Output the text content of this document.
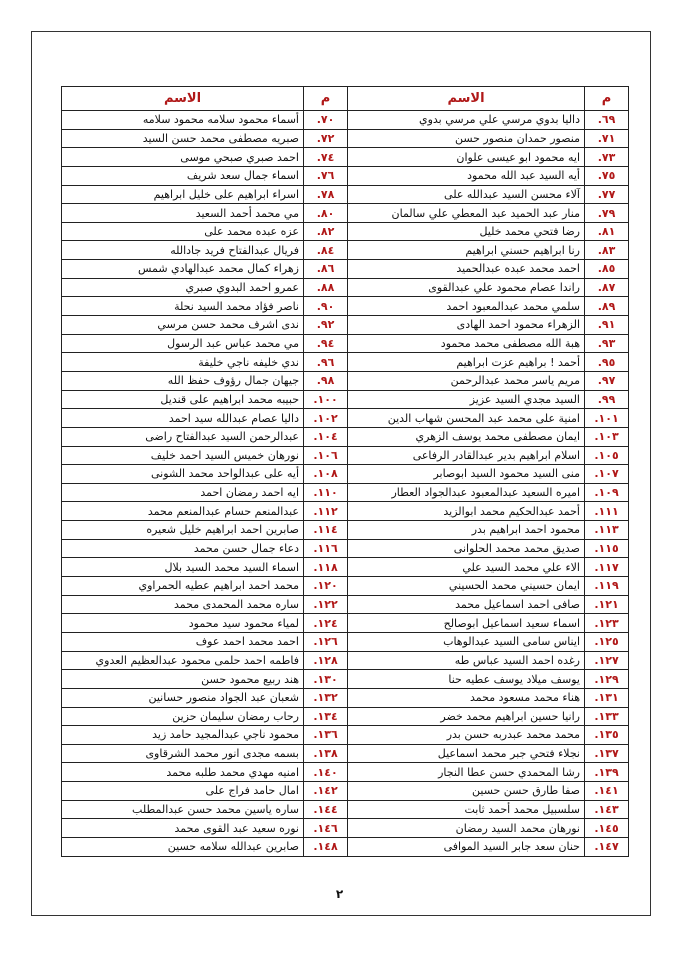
م	الاسم	م	الاسم
٦٩.	داليا بدوي مرسي علي مرسي بدوي	٧٠.	أسماء محمود سلامه محمود سلامه
٧١.	منصور حمدان منصور حسن	٧٢.	صبريه مصطفى محمد حسن السيد
٧٣.	ايه محمود ابو عيسى علوان	٧٤.	احمد صبري صبحي موسى
٧٥.	أيه السيد عبد الله محمود	٧٦.	اسماء جمال سعد شريف
٧٧.	آلاء محسن السيد عبدالله على	٧٨.	اسراء ابراهيم على خليل ابراهيم
٧٩.	منار عبد الحميد عبد المعطي علي سالمان	٨٠.	مي محمد أحمد السعيد
٨١.	رضا فتحي محمد خليل	٨٢.	عزه عبده محمد على
٨٣.	رنا ابراهيم حسني ابراهيم	٨٤.	فريال عبدالفتاح فريد جادالله
٨٥.	احمد محمد عبده عبدالحميد	٨٦.	زهراء كمال محمد عبدالهادي شمس
٨٧.	راندا عصام محمود علي عبدالقوى	٨٨.	عمرو احمد البدوي صبري
٨٩.	سلمي محمد عبدالمعبود احمد	٩٠.	ناصر فؤاد محمد السيد نحلة
٩١.	الزهراء محمود احمد الهادى	٩٢.	ندى اشرف محمد حسن مرسي
٩٣.	هبة الله مصطفى محمد محمود	٩٤.	مي محمد عباس عبد الرسول
٩٥.	أحمد ! براهيم عزت ابراهيم	٩٦.	ندي خليفه ناجي خليفة
٩٧.	مريم ياسر محمد عبدالرحمن	٩٨.	جيهان جمال رؤوف حفظ الله
٩٩.	السيد مجدي السيد عزيز	١٠٠.	حبيبه محمد ابراهيم على قنديل
١٠١.	امنية على محمد عبد المحسن شهاب الدين	١٠٢.	داليا عصام عبدالله سيد احمد
١٠٣.	ايمان مصطفى محمد يوسف الزهري	١٠٤.	عبدالرحمن السيد عبدالفتاح راضى
١٠٥.	اسلام ابراهيم بدير عبدالقادر الرفاعى	١٠٦.	نورهان خميس السيد احمد خليف
١٠٧.	منى السيد محمود السيد ابوصابر	١٠٨.	أيه على عبدالواحد محمد الشونى
١٠٩.	اميره السعيد عبدالمعبود عبدالجواد العطار	١١٠.	ايه احمد رمضان احمد
١١١.	أحمد عبدالحكيم محمد ابوالزيد	١١٢.	عبدالمنعم حسام عبدالمنعم محمد
١١٣.	محمود احمد ابراهيم بدر	١١٤.	صابرين احمد ابراهيم خليل شعيره
١١٥.	صديق محمد محمد الحلوانى	١١٦.	دعاء جمال حسن محمد
١١٧.	الاء علي محمد السيد علي	١١٨.	اسماء السيد محمد السيد بلال
١١٩.	ايمان حسيني محمد الحسيني	١٢٠.	محمد احمد ابراهيم عطيه الحمراوي
١٢١.	صافى احمد اسماعيل محمد	١٢٢.	ساره محمد المحمدى محمد
١٢٣.	اسماء سعيد اسماعيل ابوصالح	١٢٤.	لمياء محمود سيد محمود
١٢٥.	ايناس سامى السيد عبدالوهاب	١٢٦.	احمد محمد احمد عوف
١٢٧.	رغده احمد السيد عباس طه	١٢٨.	فاطمه احمد حلمى محمود عبدالعظيم العدوي
١٢٩.	يوسف ميلاد يوسف عطيه حنا	١٣٠.	هند ربيع محمود حسن
١٣١.	هناء محمد مسعود محمد	١٣٢.	شعبان عبد الجواد منصور حسانين
١٣٣.	رانيا حسين ابراهيم محمد خضر	١٣٤.	رحاب رمضان سليمان حزين
١٣٥.	محمد محمد عبدربه حسن بدر	١٣٦.	محمود ناجي عبدالمجيد حامد زيد
١٣٧.	نجلاء فتحي جبر محمد اسماعيل	١٣٨.	بسمه مجدى انور محمد الشرقاوى
١٣٩.	رشا المحمدي حسن عطا النجار	١٤٠.	امنيه مهدي محمد طلبه محمد
١٤١.	صفا طارق حسن حسين	١٤٢.	امال حامد فراج على
١٤٣.	سلسبيل محمد أحمد ثابت	١٤٤.	ساره ياسين محمد حسن عبدالمطلب
١٤٥.	نورهان محمد السيد رمضان	١٤٦.	نوره سعيد عبد القوى محمد
١٤٧.	حنان سعد جابر السيد الموافى	١٤٨.	صابرين عبدالله سلامه حسين
٢
